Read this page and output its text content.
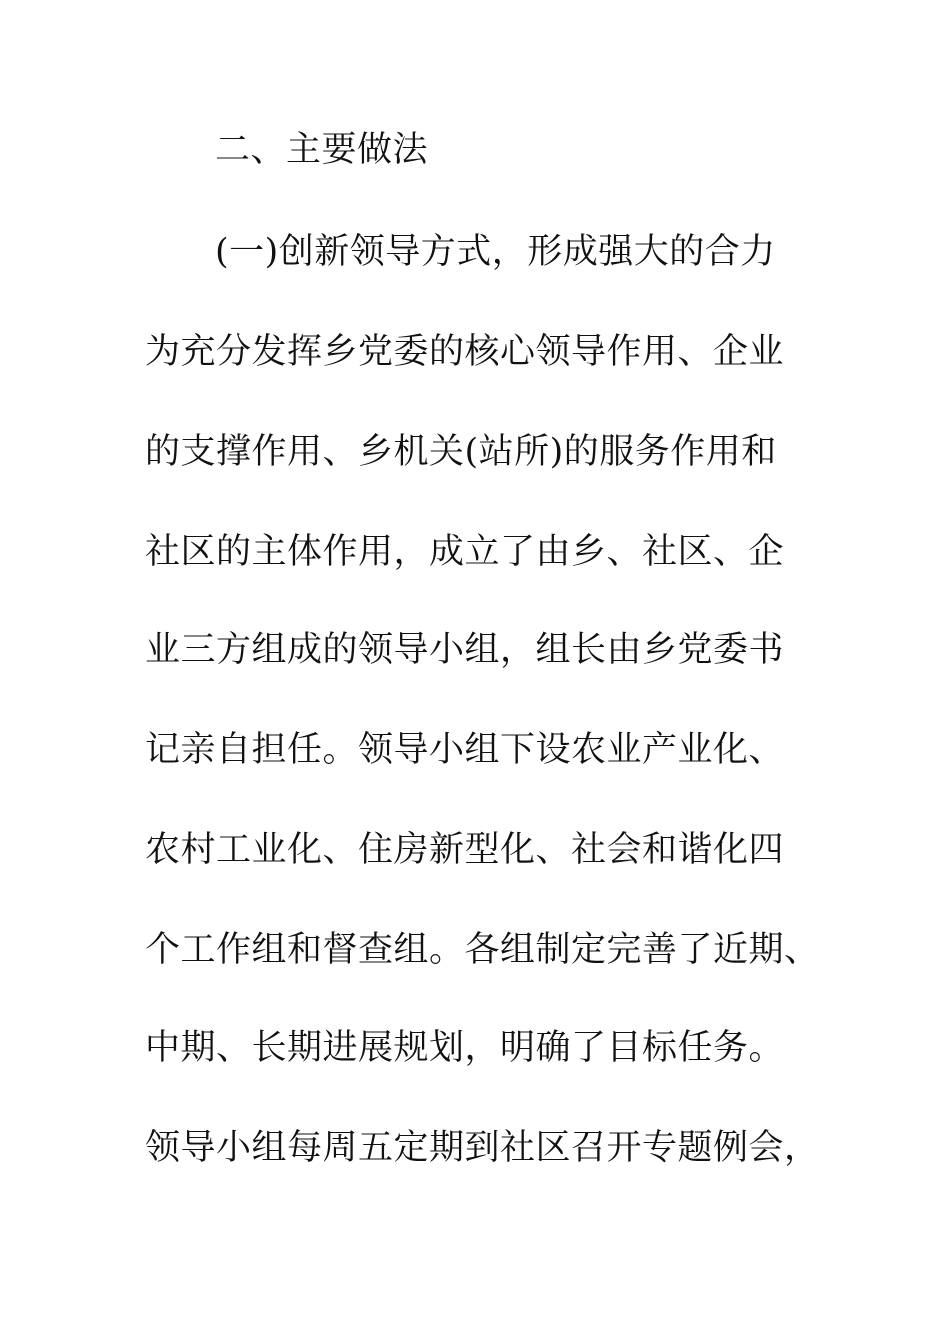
二、主要做法
(一)创新领导方式，形成强大的合力
为充分发挥乡党委的核心领导作用、企业
的支撑作用、乡机关(站所)的服务作用和
社区的主体作用，成立了由乡、社区、企
业三方组成的领导小组，组长由乡党委书
记亲自担任。领导小组下设农业产业化、
农村工业化、住房新型化、社会和谐化四
个工作组和督查组。各组制定完善了近期、
中期、长期进展规划，明确了目标任务。
领导小组每周五定期到社区召开专题例会，
